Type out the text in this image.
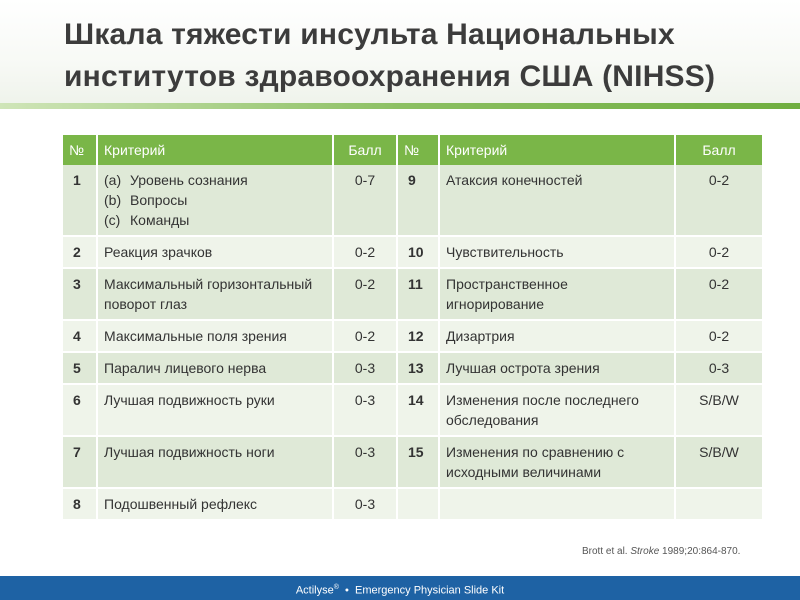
Шкала тяжести инсульта Национальных институтов здравоохранения США (NIHSS)
№	Критерий	Балл	№	Критерий	Балл
1	(a) Уровень сознания
(b) Вопросы
(c) Команды	0-7	9	Атаксия конечностей	0-2
2	Реакция зрачков	0-2	10	Чувствительность	0-2
3	Максимальный горизонтальный поворот глаз	0-2	11	Пространственное игнорирование	0-2
4	Максимальные поля зрения	0-2	12	Дизартрия	0-2
5	Паралич лицевого нерва	0-3	13	Лучшая острота зрения	0-3
6	Лучшая подвижность руки	0-3	14	Изменения после последнего обследования	S/B/W
7	Лучшая подвижность ноги	0-3	15	Изменения по сравнению с исходными величинами	S/B/W
8	Подошвенный рефлекс	0-3			
Brott et al. Stroke 1989;20:864-870.
Actilyse® • Emergency Physician Slide Kit
